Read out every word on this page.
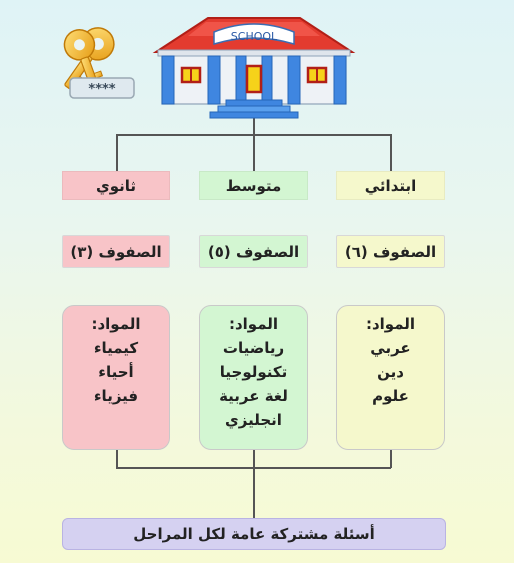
****
SCHOOL
ثانوي
الصفوف (٣)
المواد:
كيمياء
أحياء
فيزياء
متوسط
الصفوف (٥)
المواد:
رياضيات
تكنولوجيا
لغة عربية
انجليزي
ابتدائي
الصفوف (٦)
المواد:
عربي
دين
علوم
أسئلة مشتركة عامة لكل المراحل
